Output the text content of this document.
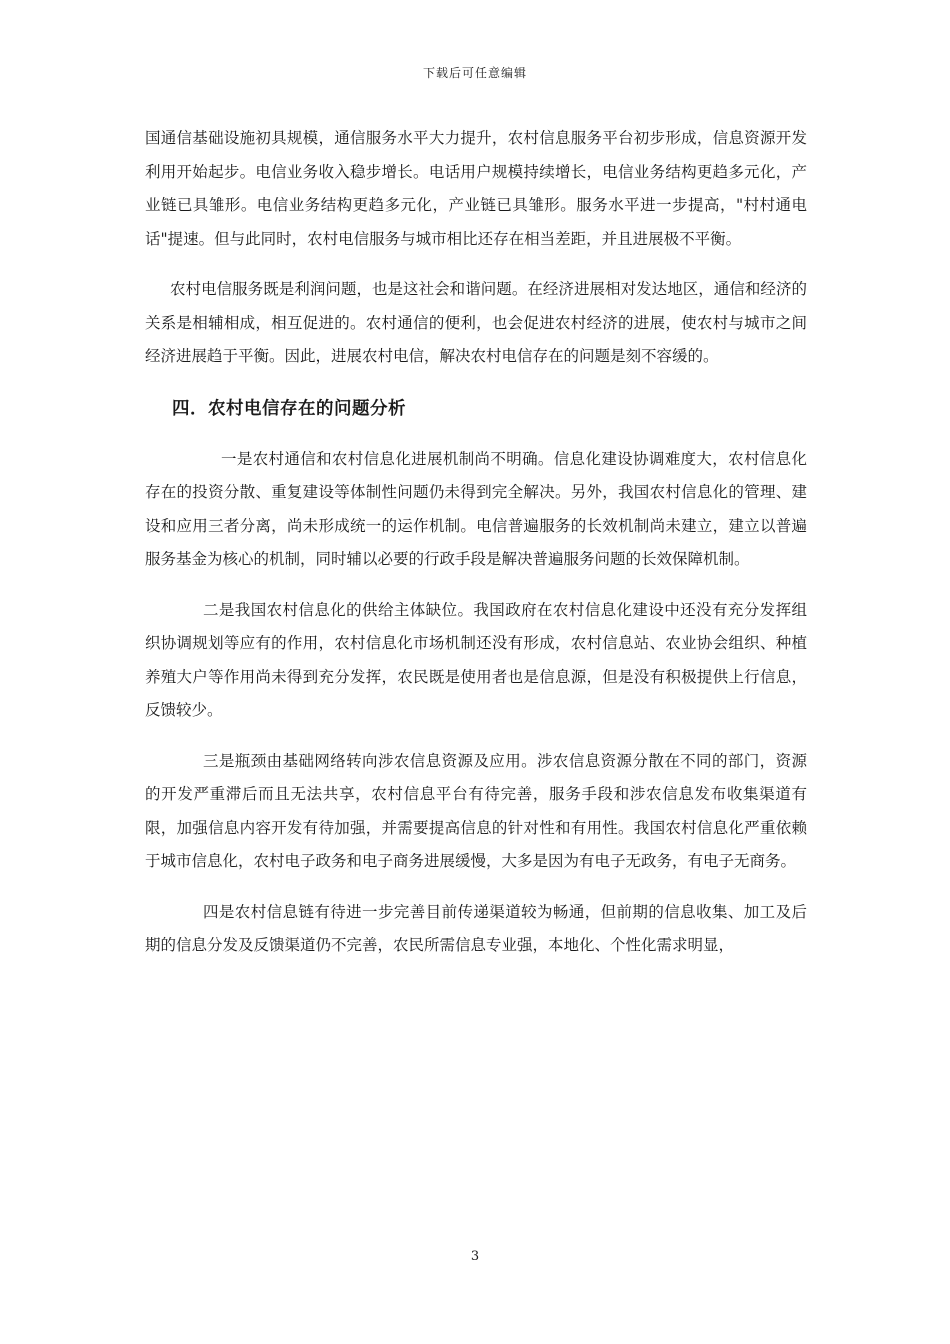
下载后可任意编辑

国通信基础设施初具规模，通信服务水平大力提升，农村信息服务平台初步形成，信息资源开发利用开始起步。电信业务收入稳步增长。电话用户规模持续增长，电信业务结构更趋多元化，产业链已具雏形。电信业务结构更趋多元化，产业链已具雏形。服务水平进一步提高，"村村通电话"提速。但与此同时，农村电信服务与城市相比还存在相当差距，并且进展极不平衡。

农村电信服务既是利润问题，也是这社会和谐问题。在经济进展相对发达地区，通信和经济的关系是相辅相成，相互促进的。农村通信的便利，也会促进农村经济的进展，使农村与城市之间经济进展趋于平衡。因此，进展农村电信，解决农村电信存在的问题是刻不容缓的。

四．农村电信存在的问题分析

一是农村通信和农村信息化进展机制尚不明确。信息化建设协调难度大，农村信息化存在的投资分散、重复建设等体制性问题仍未得到完全解决。另外，我国农村信息化的管理、建设和应用三者分离，尚未形成统一的运作机制。电信普遍服务的长效机制尚未建立，建立以普遍服务基金为核心的机制，同时辅以必要的行政手段是解决普遍服务问题的长效保障机制。

二是我国农村信息化的供给主体缺位。我国政府在农村信息化建设中还没有充分发挥组织协调规划等应有的作用，农村信息化市场机制还没有形成，农村信息站、农业协会组织、种植养殖大户等作用尚未得到充分发挥，农民既是使用者也是信息源，但是没有积极提供上行信息，反馈较少。

三是瓶颈由基础网络转向涉农信息资源及应用。涉农信息资源分散在不同的部门，资源的开发严重滞后而且无法共享，农村信息平台有待完善，服务手段和涉农信息发布收集渠道有限，加强信息内容开发有待加强，并需要提高信息的针对性和有用性。我国农村信息化严重依赖于城市信息化，农村电子政务和电子商务进展缓慢，大多是因为有电子无政务，有电子无商务。

四是农村信息链有待进一步完善目前传递渠道较为畅通，但前期的信息收集、加工及后期的信息分发及反馈渠道仍不完善，农民所需信息专业强，本地化、个性化需求明显，

3
